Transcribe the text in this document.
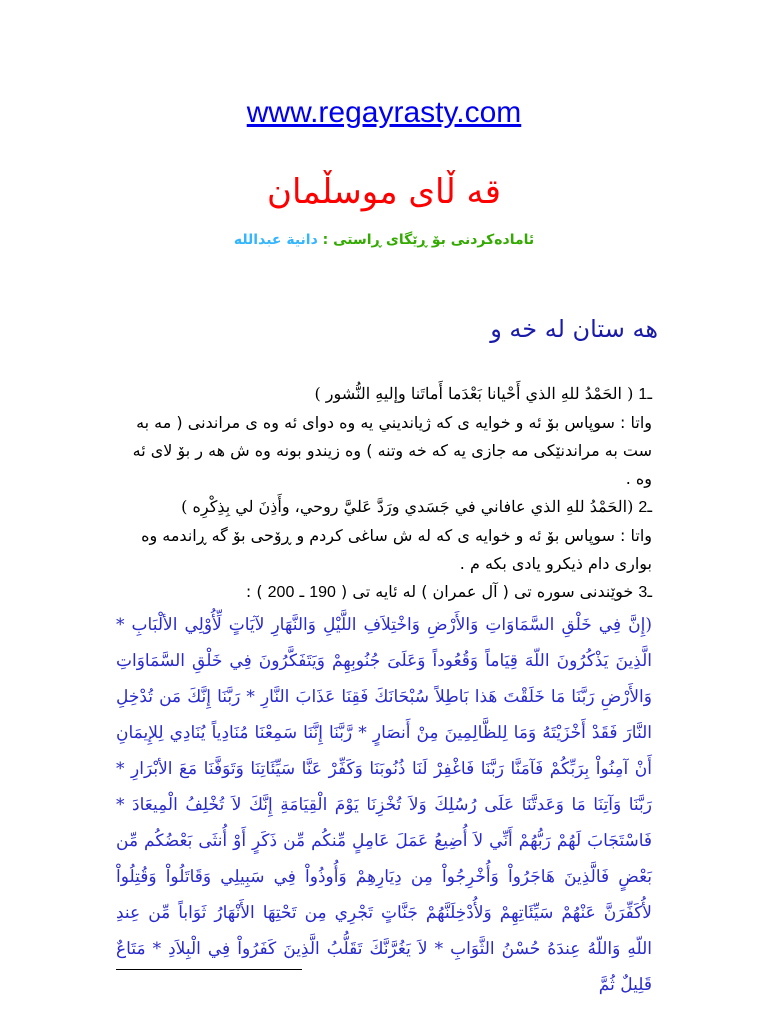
www.regayrasty.com
قه ڵای موسڵمان
ئامادەکردنی بۆ ڕێگای ڕاستی : دانیة عبداللە
هه ستان له خه و

1ـ ( الحَمْدُ للهِ الذي أَحْيانا بَعْدَما أَماتَنا وإليهِ النُّشور )

واتا : سوپاس بۆ ئه و خوایه ی که ژیانديني يه وه دوای ئه وه ی مراندنی ( مه به ست به مراندنێکی مه جازی يه که خه وتنه ) وه زيندو بونه وه ش هه ر بۆ لای ئه وه .

2ـ (الحَمْدُ للهِ الذي عافاني في جَسَدي ورَدَّ عَليَّ روحي، وأَذِنَ لي بِذِكْرِه )

واتا : سوپاس بۆ ئه و خوایه ی که له ش ساغی کردم و ڕۆحی بۆ گه ڕاندمه وه بواری دام ذیکرو یادی بکه م .

3ـ خوێندنی سوره تی ( آل عمران ) له ئایه تی ( 190 ـ 200 ) :

(إِنَّ فِي خَلْقِ السَّمَاوَاتِ وَالأَرْضِ وَاخْتِلاَفِ اللَّيْلِ وَالنَّهَارِ لآيَاتٍ لِّأُوْلِي الألْبَابِ * الَّذِينَ يَذْكُرُونَ اللّهَ قِيَاماً وَقُعُوداً وَعَلَىَ جُنُوبِهِمْ وَيَتَفَكَّرُونَ فِي خَلْقِ السَّمَاوَاتِ وَالأَرْضِ رَبَّنَا مَا خَلَقْتَ هَذا بَاطِلاً سُبْحَانَكَ فَقِنَا عَذَابَ النَّارِ * رَبَّنَا إِنَّكَ مَن تُدْخِلِ النَّارَ فَقَدْ أَخْزَيْتَهُ وَمَا لِلظَّالِمِينَ مِنْ أَنصَارٍ * رَّبَّنَا إِنَّنَا سَمِعْنَا مُنَادِياً يُنَادِي لِلإِيمَانِ أَنْ آمِنُواْ بِرَبِّكُمْ فَآمَنَّا رَبَّنَا فَاغْفِرْ لَنَا ذُنُوبَنَا وَكَفِّرْ عَنَّا سَيِّئَاتِنَا وَتَوَفَّنَا مَعَ الأبْرَارِ * رَبَّنَا وَآتِنَا مَا وَعَدتَّنَا عَلَى رُسُلِكَ وَلاَ تُخْزِنَا يَوْمَ الْقِيَامَةِ إِنَّكَ لاَ تُخْلِفُ الْمِيعَادَ * فَاسْتَجَابَ لَهُمْ رَبُّهُمْ أَنِّي لاَ أُضِيعُ عَمَلَ عَامِلٍ مِّنكُم مِّن ذَكَرٍ أَوْ أُنثَى بَعْضُكُم مِّن بَعْضٍ فَالَّذِينَ هَاجَرُواْ وَأُخْرِجُواْ مِن دِيَارِهِمْ وَأُوذُواْ فِي سَبِيلِي وَقَاتَلُواْ وَقُتِلُواْ لأُكَفِّرَنَّ عَنْهُمْ سَيِّئَاتِهِمْ وَلأُدْخِلَنَّهُمْ جَنَّاتٍ تَجْرِي مِن تَحْتِهَا الأَنْهَارُ ثَوَاباً مِّن عِندِ اللّهِ وَاللّهُ عِندَهُ حُسْنُ الثَّوَابِ * لاَ يَغُرَّنَّكَ تَقَلُّبُ الَّذِينَ كَفَرُواْ فِي الْبِلاَدِ * مَتَاعٌ قَلِيلٌ ثُمَّ
